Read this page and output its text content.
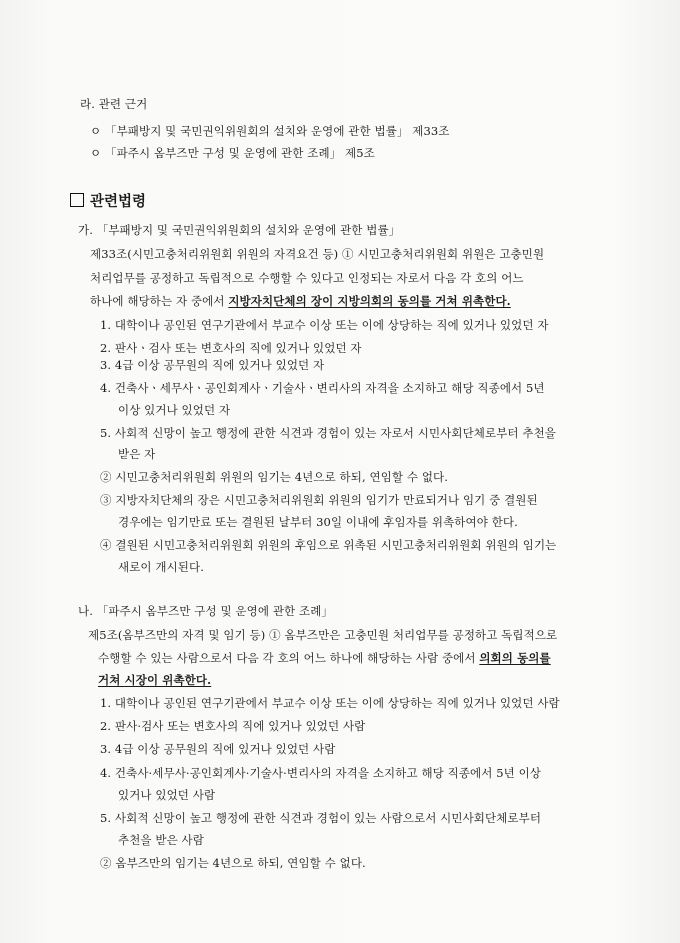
라. 관련 근거
ㅇ 「부패방지 및 국민권익위원회의 설치와 운영에 관한 법률」 제33조
ㅇ 「파주시 옴부즈만 구성 및 운영에 관한 조례」 제5조
관련법령
가. 「부패방지 및 국민권익위원회의 설치와 운영에 관한 법률」
제33조(시민고충처리위원회 위원의 자격요건 등) ① 시민고충처리위원회 위원은 고충민원
처리업무를 공정하고 독립적으로 수행할 수 있다고 인정되는 자로서 다음 각 호의 어느
하나에 해당하는 자 중에서 지방자치단체의 장이 지방의회의 동의를 거쳐 위촉한다.
1. 대학이나 공인된 연구기관에서 부교수 이상 또는 이에 상당하는 직에 있거나 있었던 자
2. 판사ㆍ검사 또는 변호사의 직에 있거나 있었던 자
3. 4급 이상 공무원의 직에 있거나 있었던 자
4. 건축사ㆍ세무사ㆍ공인회계사ㆍ기술사ㆍ변리사의 자격을 소지하고 해당 직종에서 5년
이상 있거나 있었던 자
5. 사회적 신망이 높고 행정에 관한 식견과 경험이 있는 자로서 시민사회단체로부터 추천을
받은 자
② 시민고충처리위원회 위원의 임기는 4년으로 하되, 연임할 수 없다.
③ 지방자치단체의 장은 시민고충처리위원회 위원의 임기가 만료되거나 임기 중 결원된
경우에는 임기만료 또는 결원된 날부터 30일 이내에 후임자를 위촉하여야 한다.
④ 결원된 시민고충처리위원회 위원의 후임으로 위촉된 시민고충처리위원회 위원의 임기는
새로이 개시된다.
나. 「파주시 옴부즈만 구성 및 운영에 관한 조례」
제5조(옴부즈만의 자격 및 임기 등) ① 옴부즈만은 고충민원 처리업무를 공정하고 독립적으로
수행할 수 있는 사람으로서 다음 각 호의 어느 하나에 해당하는 사람 중에서 의회의 동의를
거쳐 시장이 위촉한다.
1. 대학이나 공인된 연구기관에서 부교수 이상 또는 이에 상당하는 직에 있거나 있었던 사람
2. 판사·검사 또는 변호사의 직에 있거나 있었던 사람
3. 4급 이상 공무원의 직에 있거나 있었던 사람
4. 건축사·세무사·공인회계사·기술사·변리사의 자격을 소지하고 해당 직종에서 5년 이상
있거나 있었던 사람
5. 사회적 신망이 높고 행정에 관한 식견과 경험이 있는 사람으로서 시민사회단체로부터
추천을 받은 사람
② 옴부즈만의 임기는 4년으로 하되, 연임할 수 없다.
